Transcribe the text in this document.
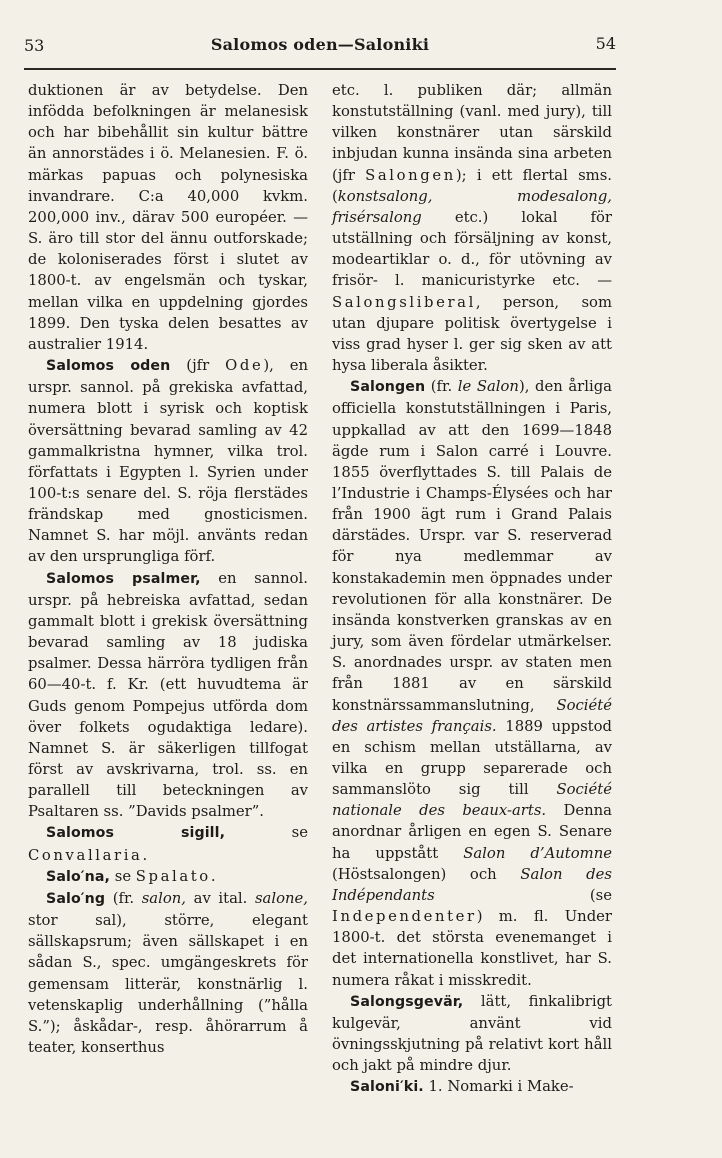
53	Salomos oden—Saloniki	54

duktionen är av betydelse. Den infödda befolkningen är melanesisk och har bibehållit sin kultur bättre än annorstädes i ö. Melanesien. F. ö. märkas papuas och polynesiska invandrare. C:a 40,000 kvkm. 200,000 inv., därav 500 européer. — S. äro till stor del ännu outforskade; de koloniserades först i slutet av 1800-t. av engelsmän och tyskar, mellan vilka en uppdelning gjordes 1899. Den tyska delen besattes av australier 1914.

Salomos oden (jfr Ode), en urspr. sannol. på grekiska avfattad, numera blott i syrisk och koptisk översättning bevarad samling av 42 gammalkristna hymner, vilka trol. författats i Egypten l. Syrien under 100-t:s senare del. S. röja flerstädes frändskap med gnosticismen. Namnet S. har möjl. använts redan av den ursprungliga förf.

Salomos psalmer, en sannol. urspr. på hebreiska avfattad, sedan gammalt blott i grekisk översättning bevarad samling av 18 judiska psalmer. Dessa härröra tydligen från 60—40-t. f. Kr. (ett huvudtema är Guds genom Pompejus utförda dom över folkets ogudaktiga ledare). Namnet S. är säkerligen tillfogat först av avskrivarna, trol. ss. en parallell till beteckningen av Psaltaren ss. ”Davids psalmer”.

Salomos sigill, se Convallaria.

Salo′na, se Spalato.

Salo′ng (fr. salon, av ital. salone, stor sal), större, elegant sällskapsrum; även sällskapet i en sådan S., spec. umgängeskrets för gemensam litterär, konstnärlig l. vetenskaplig underhållning (”hålla S.”); åskådar-, resp. åhörarrum å teater, konserthus

etc. l. publiken där; allmän konstutställning (vanl. med jury), till vilken konstnärer utan särskild inbjudan kunna insända sina arbeten (jfr Salongen); i ett flertal sms. (konstsalong, modesalong, frisérsalong etc.) lokal för utställning och försäljning av konst, modeartiklar o. d., för utövning av frisör- l. manicuristyrke etc. — Salongsliberal, person, som utan djupare politisk övertygelse i viss grad hyser l. ger sig sken av att hysa liberala åsikter.

Salongen (fr. le Salon), den årliga officiella konstutställningen i Paris, uppkallad av att den 1699—1848 ägde rum i Salon carré i Louvre. 1855 överflyttades S. till Palais de l’Industrie i Champs-Élysées och har från 1900 ägt rum i Grand Palais därstädes. Urspr. var S. reserverad för nya medlemmar av konstakademin men öppnades under revolutionen för alla konstnärer. De insända konstverken granskas av en jury, som även fördelar utmärkelser. S. anordnades urspr. av staten men från 1881 av en särskild konstnärssammanslutning, Société des artistes français. 1889 uppstod en schism mellan utställarna, av vilka en grupp separerade och sammanslöto sig till Société nationale des beaux-arts. Denna anordnar årligen en egen S. Senare ha uppstått Salon d’Automne (Höstsalongen) och Salon des Indépendants (se Independenter) m. fl. Under 1800-t. det största evenemanget i det internationella konstlivet, har S. numera råkat i misskredit.

Salongsgevär, lätt, finkalibrigt kulgevär, använt vid övningsskjutning på relativt kort håll och jakt på mindre djur.

Saloni′ki. 1. Nomarki i Make-
